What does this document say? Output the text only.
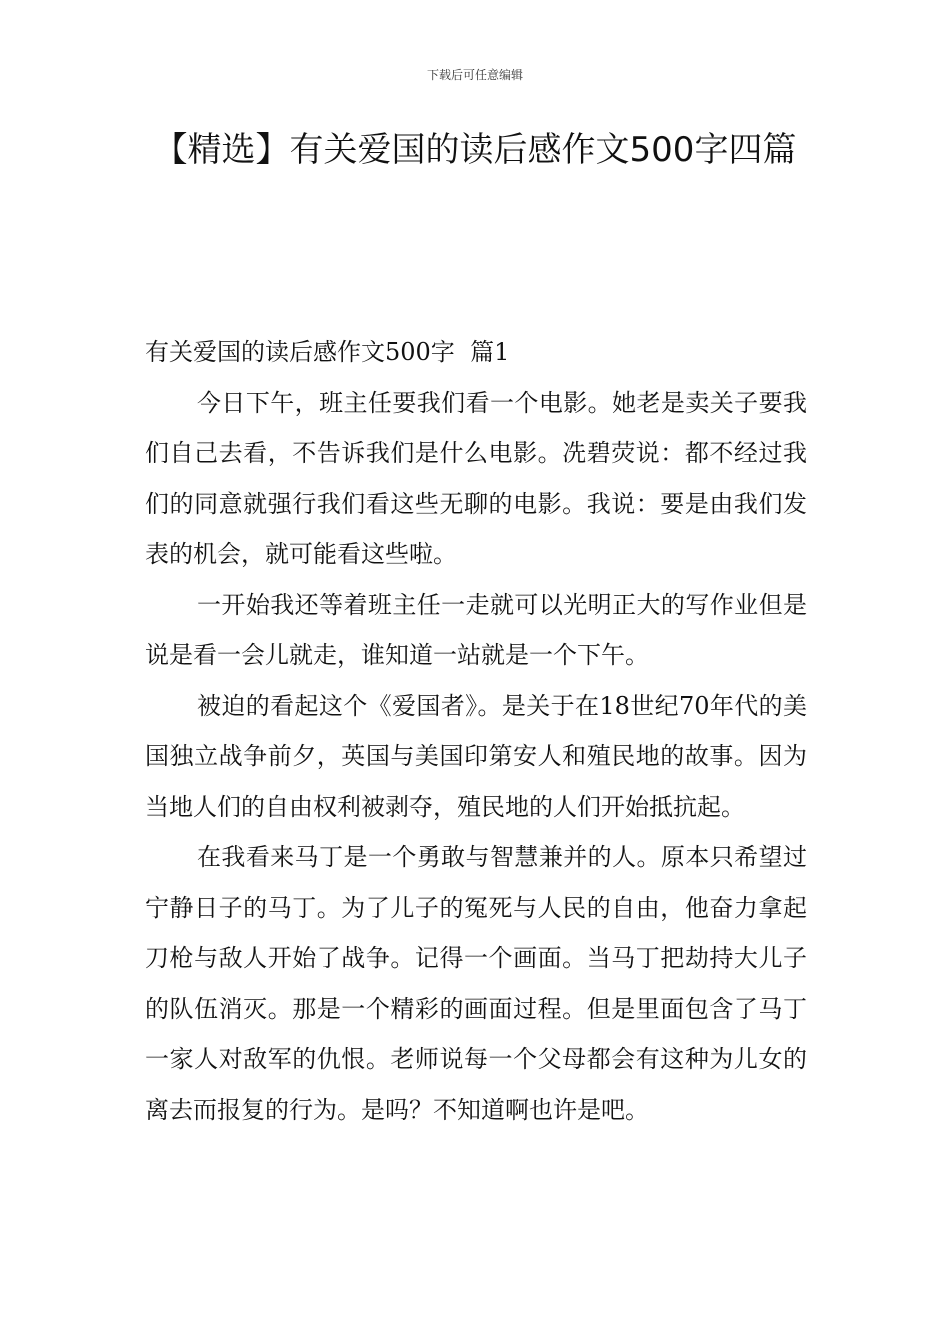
下载后可任意编辑
【精选】有关爱国的读后感作文500字四篇
有关爱国的读后感作文500字  篇1

今日下午，班主任要我们看一个电影。她老是卖关子要我们自己去看，不告诉我们是什么电影。冼碧荧说：都不经过我们的同意就强行我们看这些无聊的电影。我说：要是由我们发表的机会，就可能看这些啦。

一开始我还等着班主任一走就可以光明正大的写作业但是说是看一会儿就走，谁知道一站就是一个下午。

被迫的看起这个《爱国者》。是关于在18世纪70年代的美国独立战争前夕，英国与美国印第安人和殖民地的故事。因为当地人们的自由权利被剥夺，殖民地的人们开始抵抗起。

在我看来马丁是一个勇敢与智慧兼并的人。原本只希望过宁静日子的马丁。为了儿子的冤死与人民的自由，他奋力拿起刀枪与敌人开始了战争。记得一个画面。当马丁把劫持大儿子的队伍消灭。那是一个精彩的画面过程。但是里面包含了马丁一家人对敌军的仇恨。老师说每一个父母都会有这种为儿女的离去而报复的行为。是吗？不知道啊也许是吧。
